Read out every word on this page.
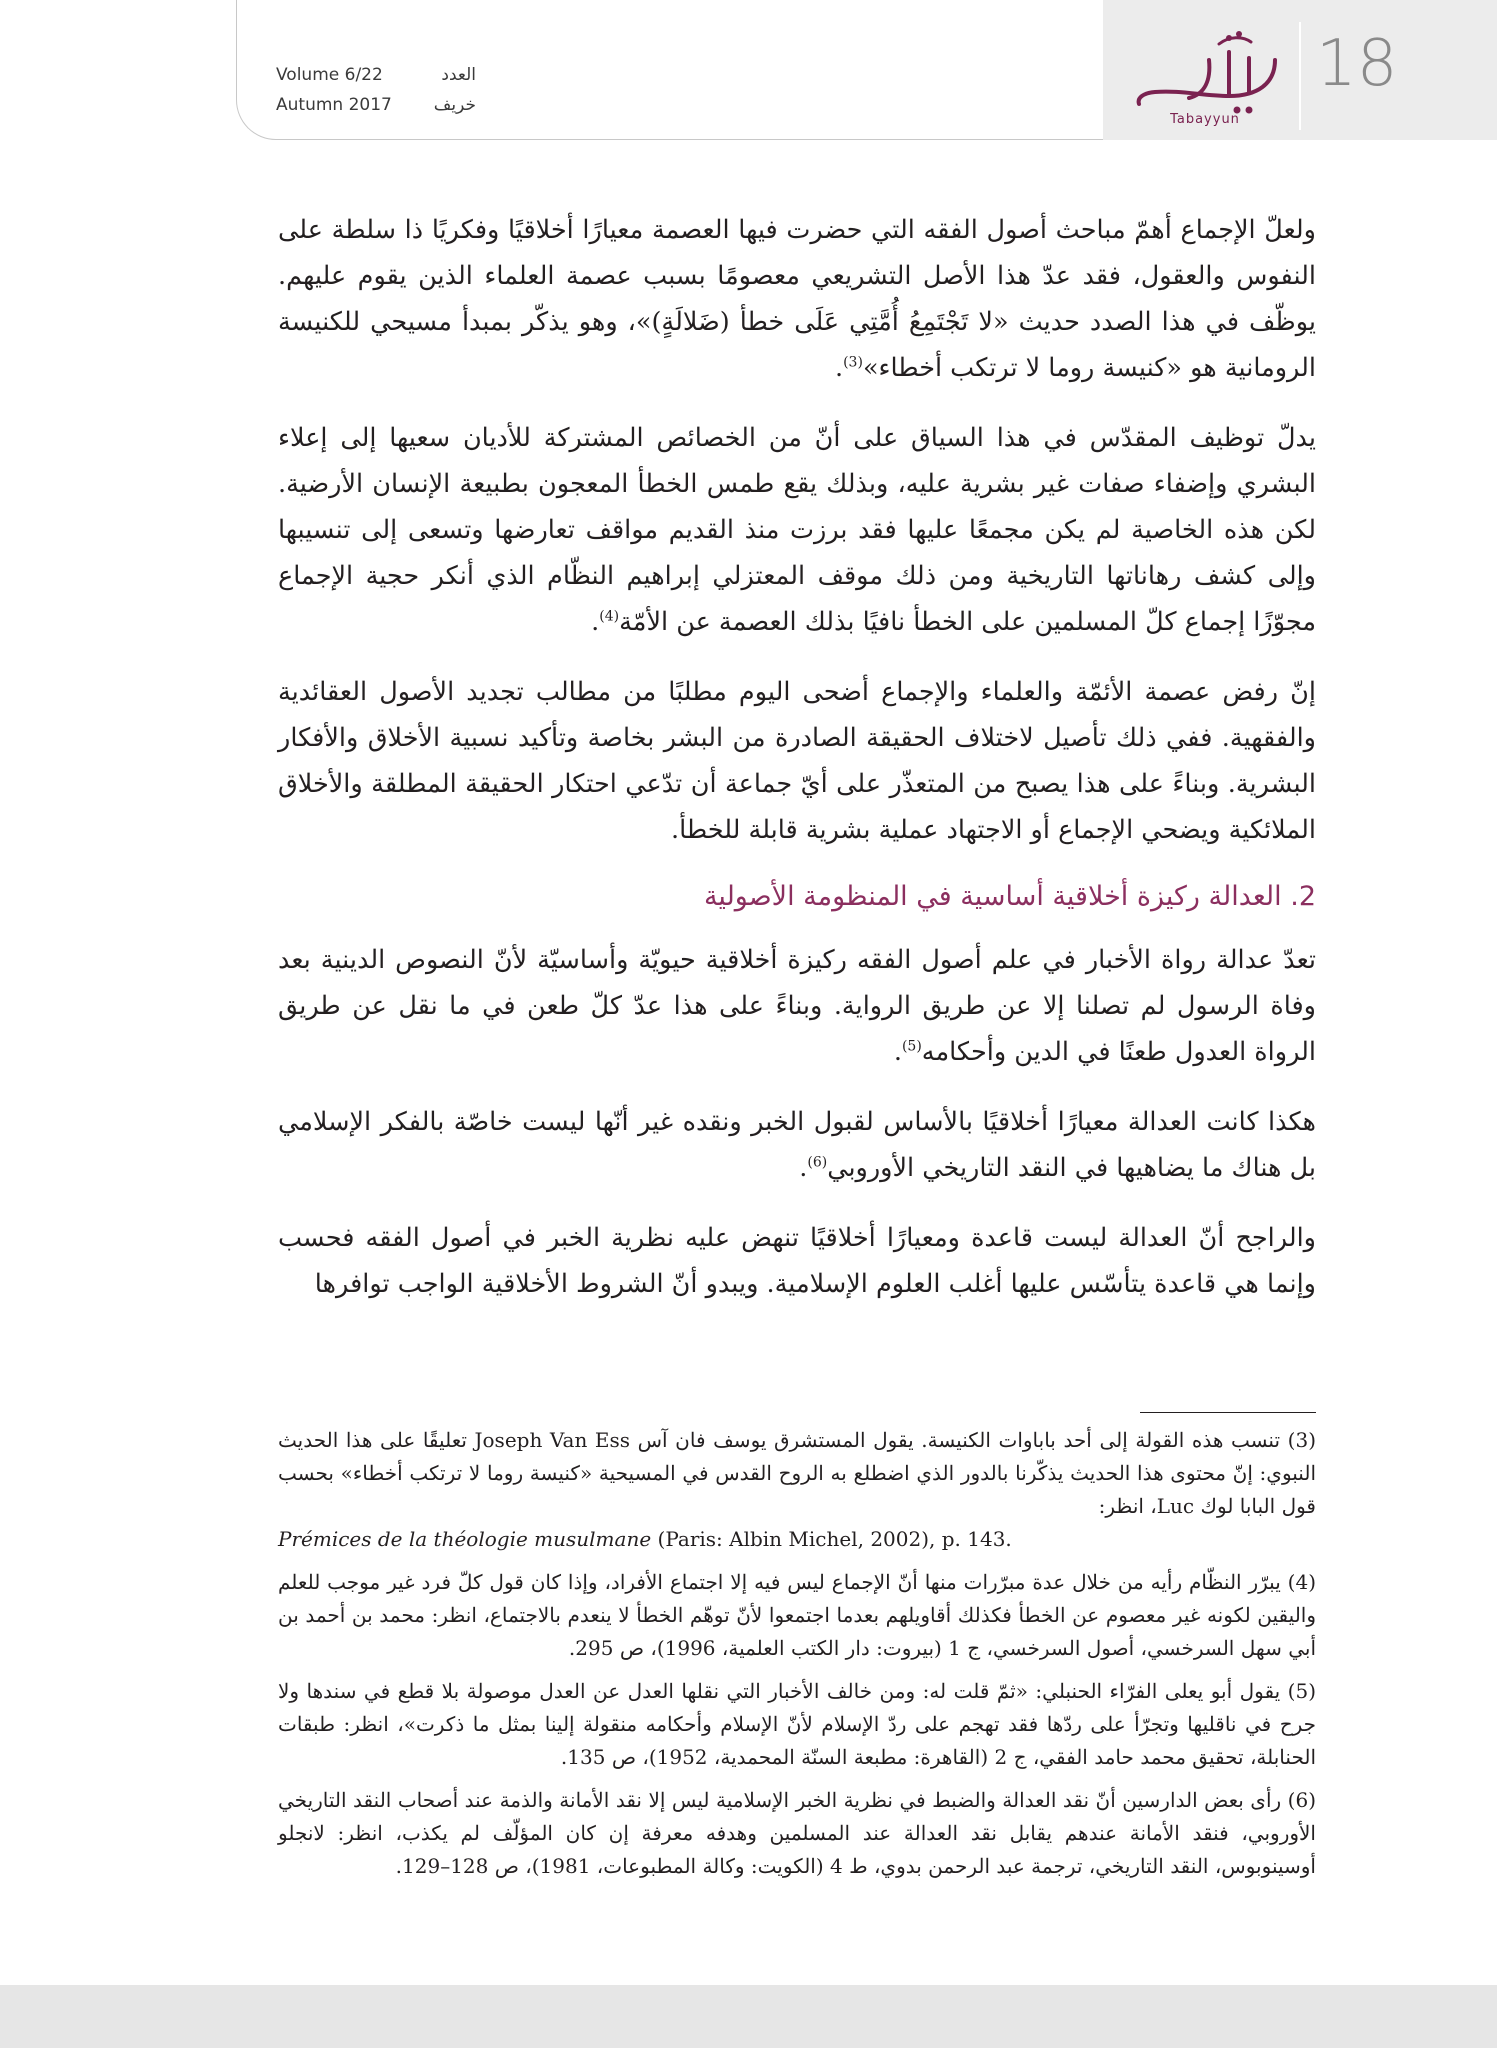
Volume 6/22	العدد
Autumn 2017 خريف
Tabayyun
18

ولعلّ الإجماع أهمّ مباحث أصول الفقه التي حضرت فيها العصمة معيارًا أخلاقيًا وفكريًا ذا سلطة على النفوس والعقول، فقد عدّ هذا الأصل التشريعي معصومًا بسبب عصمة العلماء الذين يقوم عليهم. يوظّف في هذا الصدد حديث «لا تَجْتَمِعُ أُمَّتِي عَلَى خطأ (ضَلالَةٍ)»، وهو يذكّر بمبدأ مسيحي للكنيسة الرومانية هو «كنيسة روما لا ترتكب أخطاء»$^{(3)}$.

يدلّ توظيف المقدّس في هذا السياق على أنّ من الخصائص المشتركة للأديان سعيها إلى إعلاء البشري وإضفاء صفات غير بشرية عليه، وبذلك يقع طمس الخطأ المعجون بطبيعة الإنسان الأرضية. لكن هذه الخاصية لم يكن مجمعًا عليها فقد برزت منذ القديم مواقف تعارضها وتسعى إلى تنسيبها وإلى كشف رهاناتها التاريخية ومن ذلك موقف المعتزلي إبراهيم النظّام الذي أنكر حجية الإجماع مجوّزًا إجماع كلّ المسلمين على الخطأ نافيًا بذلك العصمة عن الأمّة$^{(4)}$.

إنّ رفض عصمة الأئمّة والعلماء والإجماع أضحى اليوم مطلبًا من مطالب تجديد الأصول العقائدية والفقهية. ففي ذلك تأصيل لاختلاف الحقيقة الصادرة من البشر بخاصة وتأكيد نسبية الأخلاق والأفكار البشرية. وبناءً على هذا يصبح من المتعذّر على أيّ جماعة أن تدّعي احتكار الحقيقة المطلقة والأخلاق الملائكية ويضحي الإجماع أو الاجتهاد عملية بشرية قابلة للخطأ.

2. العدالة ركيزة أخلاقية أساسية في المنظومة الأصولية

تعدّ عدالة رواة الأخبار في علم أصول الفقه ركيزة أخلاقية حيويّة وأساسيّة لأنّ النصوص الدينية بعد وفاة الرسول لم تصلنا إلا عن طريق الرواية. وبناءً على هذا عدّ كلّ طعن في ما نقل عن طريق الرواة العدول طعنًا في الدين وأحكامه$^{(5)}$.

هكذا كانت العدالة معيارًا أخلاقيًا بالأساس لقبول الخبر ونقده غير أنّها ليست خاصّة بالفكر الإسلامي بل هناك ما يضاهيها في النقد التاريخي الأوروبي$^{(6)}$.

والراجح أنّ العدالة ليست قاعدة ومعيارًا أخلاقيًا تنهض عليه نظرية الخبر في أصول الفقه فحسب وإنما هي قاعدة يتأسّس عليها أغلب العلوم الإسلامية. ويبدو أنّ الشروط الأخلاقية الواجب توافرها

(3) تنسب هذه القولة إلى أحد باباوات الكنيسة. يقول المستشرق يوسف فان آس Joseph Van Ess تعليقًا على هذا الحديث النبوي: إنّ محتوى هذا الحديث يذكّرنا بالدور الذي اضطلع به الروح القدس في المسيحية «كنيسة روما لا ترتكب أخطاء» بحسب قول البابا لوك Luc، انظر:
Prémices de la théologie musulmane (Paris: Albin Michel, 2002), p. 143.

(4) يبرّر النظّام رأيه من خلال عدة مبرّرات منها أنّ الإجماع ليس فيه إلا اجتماع الأفراد، وإذا كان قول كلّ فرد غير موجب للعلم واليقين لكونه غير معصوم عن الخطأ فكذلك أقاويلهم بعدما اجتمعوا لأنّ توهّم الخطأ لا ينعدم بالاجتماع، انظر: محمد بن أحمد بن أبي سهل السرخسي، أصول السرخسي، ج 1 (بيروت: دار الكتب العلمية، 1996)، ص 295.

(5) يقول أبو يعلى الفرّاء الحنبلي: «ثمّ قلت له: ومن خالف الأخبار التي نقلها العدل عن العدل موصولة بلا قطع في سندها ولا جرح في ناقليها وتجرّأ على ردّها فقد تهجم على ردّ الإسلام لأنّ الإسلام وأحكامه منقولة إلينا بمثل ما ذكرت»، انظر: طبقات الحنابلة، تحقيق محمد حامد الفقي، ج 2 (القاهرة: مطبعة السنّة المحمدية، 1952)، ص 135.

(6) رأى بعض الدارسين أنّ نقد العدالة والضبط في نظرية الخبر الإسلامية ليس إلا نقد الأمانة والذمة عند أصحاب النقد التاريخي الأوروبي، فنقد الأمانة عندهم يقابل نقد العدالة عند المسلمين وهدفه معرفة إن كان المؤلّف لم يكذب، انظر: لانجلو أوسينوبوس، النقد التاريخي، ترجمة عبد الرحمن بدوي، ط 4 (الكويت: وكالة المطبوعات، 1981)، ص 128–129.
